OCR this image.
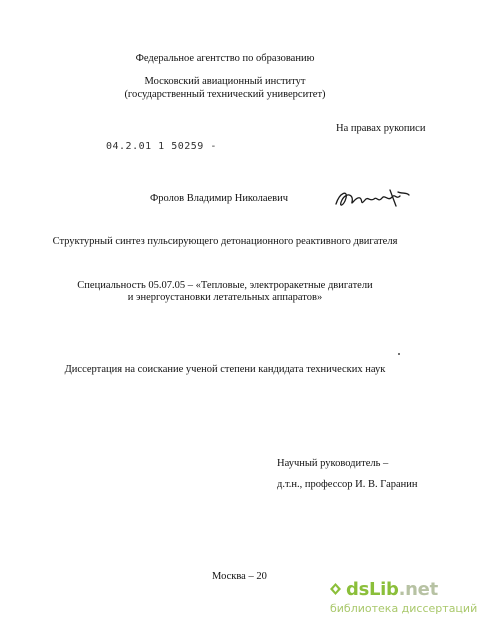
Федеральное агентство по образованию
Московский авиационный институт
(государственный технический университет)
На правах рукописи
04.2.01 1 50259 -
Фролов Владимир Николаевич
Структурный синтез пульсирующего детонационного реактивного двигателя
Специальность 05.07.05 – «Тепловые, электроракетные двигатели
и энергоустановки летательных аппаратов»
Диссертация на соискание ученой степени кандидата технических наук
Научный руководитель –
д.т.н., профессор И. В. Гаранин
Москва – 20
dsLib.net
библиотека диссертаций
